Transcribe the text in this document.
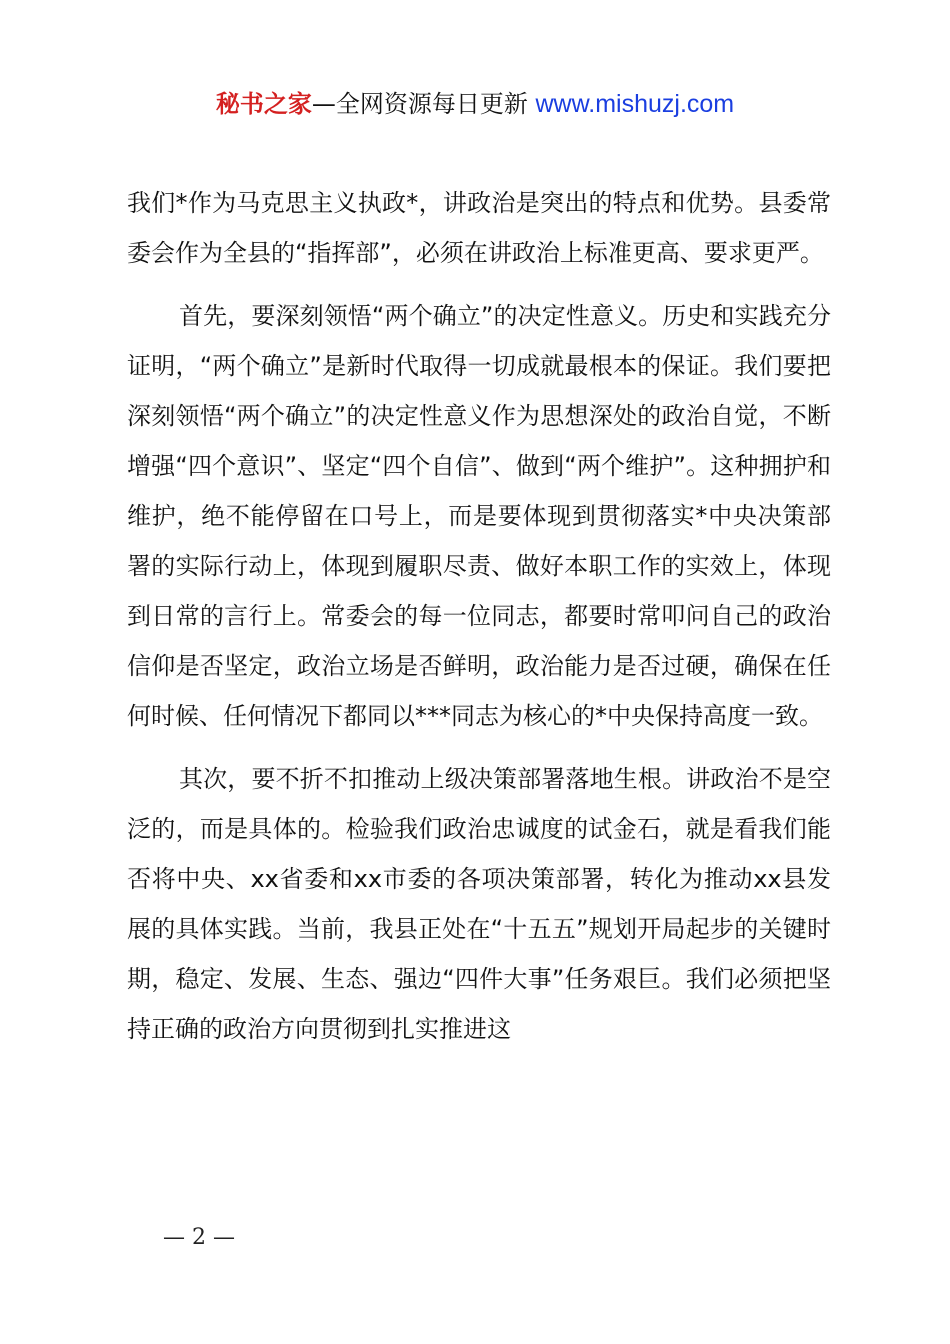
秘书之家—全网资源每日更新 www.mishuzj.com

我们*作为马克思主义执政*，讲政治是突出的特点和优势。县委常委会作为全县的“指挥部”，必须在讲政治上标准更高、要求更严。

首先，要深刻领悟“两个确立”的决定性意义。历史和实践充分证明，“两个确立”是新时代取得一切成就最根本的保证。我们要把深刻领悟“两个确立”的决定性意义作为思想深处的政治自觉，不断增强“四个意识”、坚定“四个自信”、做到“两个维护”。这种拥护和维护，绝不能停留在口号上，而是要体现到贯彻落实*中央决策部署的实际行动上，体现到履职尽责、做好本职工作的实效上，体现到日常的言行上。常委会的每一位同志，都要时常叩问自己的政治信仰是否坚定，政治立场是否鲜明，政治能力是否过硬，确保在任何时候、任何情况下都同以***同志为核心的*中央保持高度一致。

其次，要不折不扣推动上级决策部署落地生根。讲政治不是空泛的，而是具体的。检验我们政治忠诚度的试金石，就是看我们能否将中央、xx省委和xx市委的各项决策部署，转化为推动xx县发展的具体实践。当前，我县正处在“十五五”规划开局起步的关键时期，稳定、发展、生态、强边“四件大事”任务艰巨。我们必须把坚持正确的政治方向贯彻到扎实推进这

— 2 —
